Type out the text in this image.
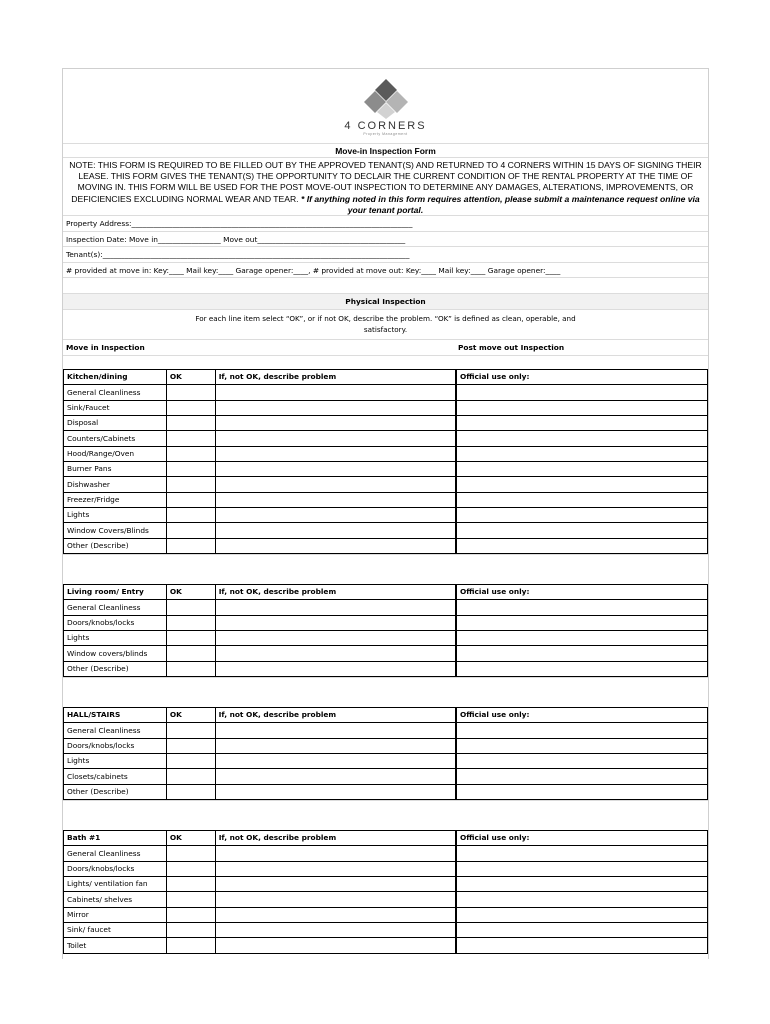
4 CORNERS
Property Management
Move-in Inspection Form
NOTE: THIS FORM IS REQUIRED TO BE FILLED OUT BY THE APPROVED TENANT(S) AND RETURNED TO 4 CORNERS WITHIN 15 DAYS OF SIGNING THEIR LEASE. THIS FORM GIVES THE TENANT(S) THE OPPORTUNITY TO DECLAIR THE CURRENT CONDITION OF THE RENTAL PROPERTY AT THE TIME OF MOVING IN. THIS FORM WILL BE USED FOR THE POST MOVE-OUT INSPECTION TO DETERMINE ANY DAMAGES, ALTERATIONS, IMPROVEMENTS, OR DEFICIENCIES EXCLUDING NORMAL WEAR AND TEAR. * If anything noted in this form requires attention, please submit a maintenance request online via your tenant portal.
Property Address:____________________________________________________________________________
Inspection Date: Move in_________________ Move out________________________________________
Tenant(s):___________________________________________________________________________________
# provided at move in: Key:____ Mail key:____ Garage opener:____, # provided at move out: Key:____ Mail key:____ Garage opener:____
Physical Inspection
For each line item select “OK”, or if not OK, describe the problem. “OK” is defined as clean, operable, and
satisfactory.
Move in Inspection	Post move out Inspection
Kitchen/dining	OK	If, not OK, describe problem		Official use only:
General Cleanliness				
Sink/Faucet				
Disposal				
Counters/Cabinets				
Hood/Range/Oven				
Burner Pans				
Dishwasher				
Freezer/Fridge				
Lights				
Window Covers/Blinds				
Other (Describe)				
Living room/ Entry	OK	If, not OK, describe problem		Official use only:
General Cleanliness				
Doors/knobs/locks				
Lights				
Window covers/blinds				
Other (Describe)				
HALL/STAIRS	OK	If, not OK, describe problem		Official use only:
General Cleanliness				
Doors/knobs/locks				
Lights				
Closets/cabinets				
Other (Describe)				
Bath #1	OK	If, not OK, describe problem		Official use only:
General Cleanliness				
Doors/knobs/locks				
Lights/ ventilation fan				
Cabinets/ shelves				
Mirror				
Sink/ faucet				
Toilet				
